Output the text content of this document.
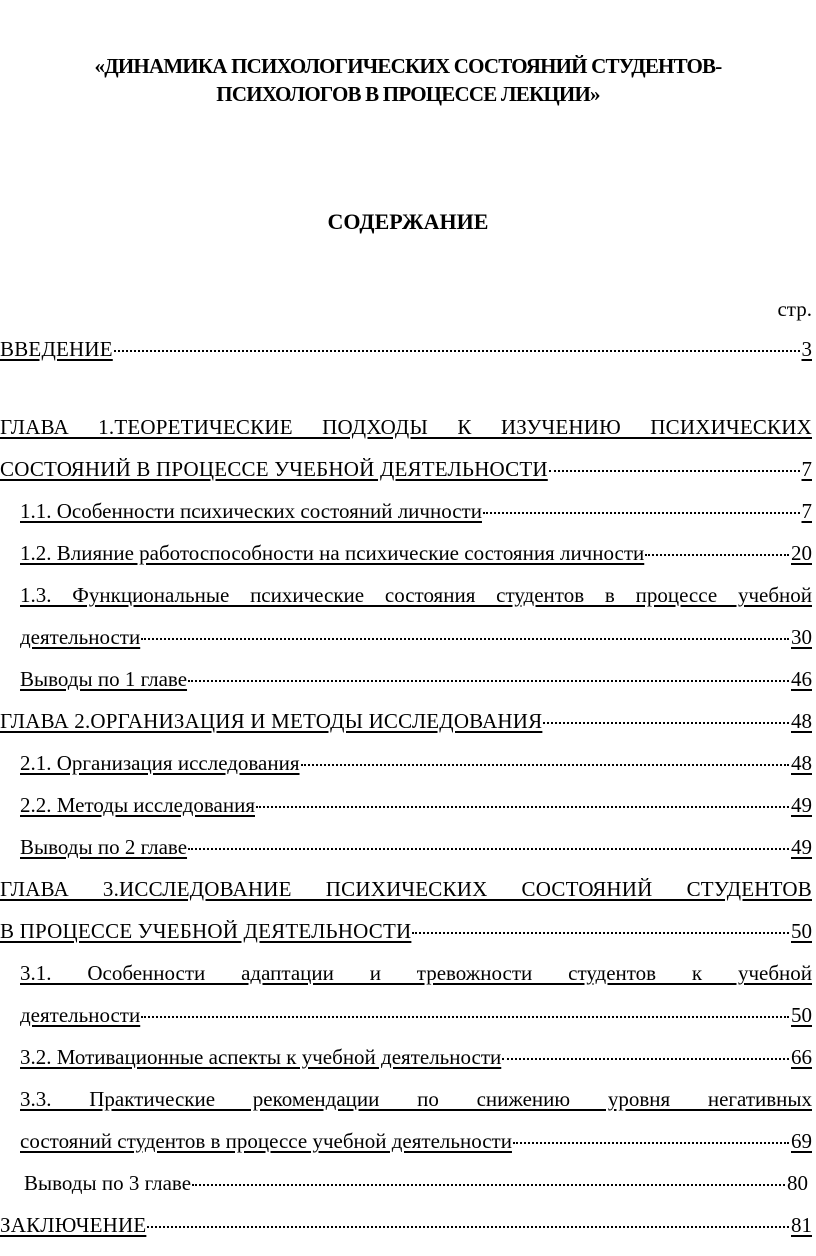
«ДИНАМИКА ПСИХОЛОГИЧЕСКИХ СОСТОЯНИЙ СТУДЕНТОВ-
ПСИХОЛОГОВ В ПРОЦЕССЕ ЛЕКЦИИ»
СОДЕРЖАНИЕ
стр.
ВВЕДЕНИЕ	3
ГЛАВА 1.ТЕОРЕТИЧЕСКИЕ ПОДХОДЫ К ИЗУЧЕНИЮ ПСИХИЧЕСКИХ
СОСТОЯНИЙ В ПРОЦЕССЕ УЧЕБНОЙ ДЕЯТЕЛЬНОСТИ	7
1.1. Особенности психических состояний личности	7
1.2. Влияние работоспособности на психические состояния личности	20
1.3. Функциональные психические состояния студентов в процессе учебной
деятельности	30
Выводы по 1 главе	46
ГЛАВА 2.ОРГАНИЗАЦИЯ И МЕТОДЫ ИССЛЕДОВАНИЯ	48
2.1. Организация исследования	48
2.2. Методы исследования	49
Выводы по 2 главе	49
ГЛАВА 3.ИССЛЕДОВАНИЕ ПСИХИЧЕСКИХ СОСТОЯНИЙ СТУДЕНТОВ
В ПРОЦЕССЕ УЧЕБНОЙ ДЕЯТЕЛЬНОСТИ	50
3.1. Особенности адаптации и тревожности студентов к учебной
деятельности	50
3.2. Мотивационные аспекты к учебной деятельности	66
3.3. Практические рекомендации по снижению уровня негативных
состояний студентов в процессе учебной деятельности	69
Выводы по 3 главе	80
ЗАКЛЮЧЕНИЕ	81
